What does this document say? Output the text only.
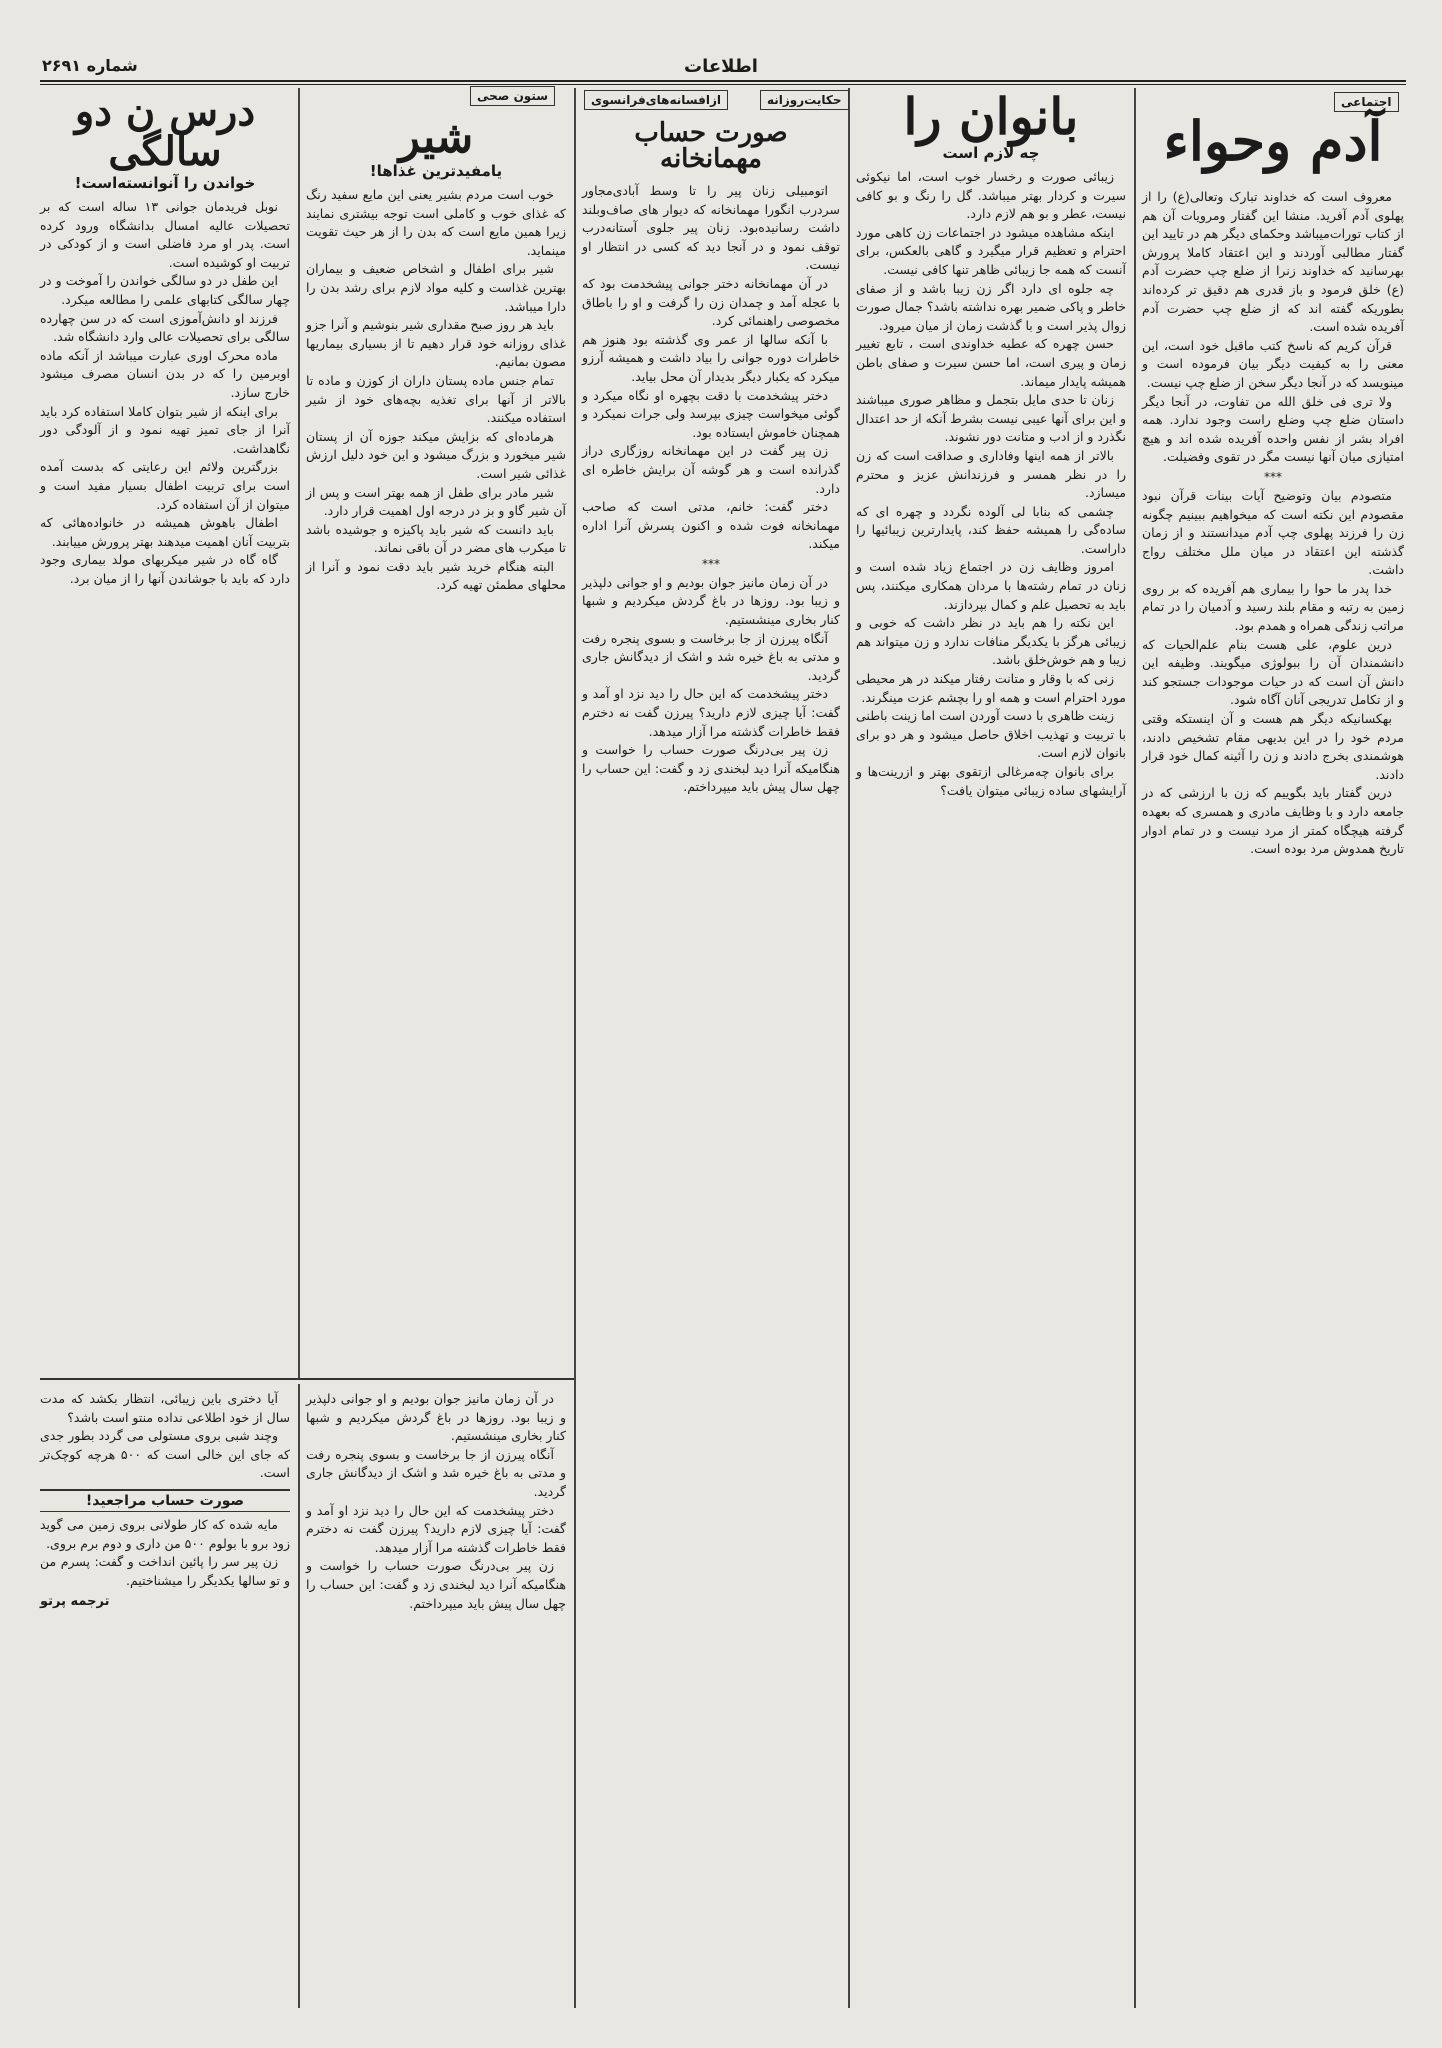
شماره ۲۶۹۱	اطلاعات
اجتماعی
آدم وحواء

معروف است که خداوند تبارک وتعالی(ع) را از پهلوی آدم آفرید. منشا این گفتار ومرویات آن هم از کتاب تورات‌میباشد وحکمای دیگر هم در تایید این گفتار مطالبی آوردند و این اعتقاد کاملا پرورش بهرسانید که خداوند زنرا از ضلع چپ حضرت آدم (ع) خلق فرمود و باز قدری هم دقیق تر کرده‌اند بطوریکه گفته اند که از ضلع چپ حضرت آدم آفریده شده است.

قرآن کریم که ناسخ کتب ماقبل خود است، این معنی را به کیفیت دیگر بیان فرموده است و مینویسد که در آنجا دیگر سخن از ضلع چپ نیست.

ولا تری فی خلق الله من تفاوت، در آنجا دیگر داستان ضلع چپ وضلع راست وجود ندارد. همه افراد بشر از نفس واحده آفریده شده اند و هیچ امتیازی میان آنها نیست مگر در تقوی وفضیلت.

***

متصودم بیان وتوضیح آیات بینات قرآن نبود مقصودم این نکته است که میخواهیم ببینیم چگونه زن را فرزند پهلوی چپ آدم میدانستند و از زمان گذشته این اعتقاد در میان ملل مختلف رواج داشت.

خدا پدر ما حوا را بیماری هم آفریده که بر روی زمین به رتبه و مقام بلند رسید و آدمیان را در تمام مراتب زندگی همراه و همدم بود.

درین علوم، علی هست بنام علم‌الحیات که دانشمندان آن را ببولوژی میگویند. وظیفه این دانش آن است که در حیات موجودات جستجو کند و از تکامل تدریجی آنان آگاه شود.

بهکسانیکه دیگر هم هست و آن اینستکه وقتی مردم خود را در این بدیهی مقام تشخیص دادند، هوشمندی بخرج دادند و زن را آئینه کمال خود قرار دادند.

درین گفتار باید بگوییم که زن با ارزشی که در جامعه دارد و با وظایف مادری و همسری که بعهده گرفته هیچگاه کمتر از مرد نیست و در تمام ادوار تاریخ همدوش مرد بوده است.

بانوان را
چه لازم است

زیبائی صورت و رخسار خوب است، اما نیکوئی سیرت و کردار بهتر میباشد. گل را رنگ و بو کافی نیست، عطر و بو هم لازم دارد.

اینکه مشاهده میشود در اجتماعات زن کاهی مورد احترام و تعظیم قرار میگیرد و گاهی بالعکس، برای آنست که همه جا زیبائی ظاهر تنها کافی نیست.

چه جلوه ای دارد اگر زن زیبا باشد و از صفای خاطر و پاکی ضمیر بهره نداشته باشد؟ جمال صورت زوال پذیر است و با گذشت زمان از میان میرود.

حسن چهره که عطیه خداوندی است ، تابع تغییر زمان و پیری است، اما حسن سیرت و صفای باطن همیشه پایدار میماند.

زنان تا حدی مایل بتجمل و مظاهر صوری میباشند و این برای آنها عیبی نیست بشرط آنکه از حد اعتدال نگذرد و از ادب و متانت دور نشوند.

بالاتر از همه اینها وفاداری و صداقت است که زن را در نظر همسر و فرزندانش عزیز و محترم میسازد.

چشمی که بنابا لی آلوده نگردد و چهره ای که ساده‌گی را همیشه حفظ کند، پایدارترین زیبائیها را داراست.

امروز وظایف زن در اجتماع زیاد شده است و زنان در تمام رشته‌ها با مردان همکاری میکنند، پس باید به تحصیل علم و کمال بپردازند.

این نکته را هم باید در نظر داشت که خوبی و زیبائی هرگز با یکدیگر منافات ندارد و زن میتواند هم زیبا و هم خوش‌خلق باشد.

زنی که با وقار و متانت رفتار میکند در هر محیطی مورد احترام است و همه او را بچشم عزت مینگرند.

زینت ظاهری با دست آوردن است اما زینت باطنی با تربیت و تهذیب اخلاق حاصل میشود و هر دو برای بانوان لازم است.

برای بانوان چه‌مرغالی ازتقوی بهتر و ازرینت‌ها و آرایشهای ساده زیبائی میتوان یافت؟

حکایت‌روزانه
ازافسانه‌های‌فرانسوی
صورت حساب مهمانخانه

اتومبیلی زنان پیر را تا وسط آبادی‌مجاور سردرب انگورا مهمانخانه که دیوار های صاف‌وبلند داشت رسانیده‌بود. زنان پیر جلوی آستانه‌درب توقف نمود و در آنجا دید که کسی در انتظار او نیست.

در آن مهمانخانه دختر جوانی پیشخدمت بود که با عجله آمد و چمدان زن را گرفت و او را باطاق مخصوصی راهنمائی کرد.

با آنکه سالها از عمر وی گذشته بود هنوز هم خاطرات دوره جوانی را بیاد داشت و همیشه آرزو میکرد که یکبار دیگر بدیدار آن محل بیاید.

دختر پیشخدمت با دقت بچهره او نگاه میکرد و گوئی میخواست چیزی بپرسد ولی جرات نمیکرد و همچنان خاموش ایستاده بود.

زن پیر گفت در این مهمانخانه روزگاری دراز گذرانده است و هر گوشه آن برایش خاطره ای دارد.

دختر گفت: خانم، مدتی است که صاحب مهمانخانه فوت شده و اکنون پسرش آنرا اداره میکند.

***

در آن زمان مانیز جوان بودیم و او جوانی دلپذیر و زیبا بود. روزها در باغ گردش میکردیم و شبها کنار بخاری مینشستیم.

آنگاه پیرزن از جا برخاست و بسوی پنجره رفت و مدتی به باغ خیره شد و اشک از دیدگانش جاری گردید.

دختر پیشخدمت که این حال را دید نزد او آمد و گفت: آیا چیزی لازم دارید؟ پیرزن گفت نه دخترم فقط خاطرات گذشته مرا آزار میدهد.

زن پیر بی‌درنگ صورت حساب را خواست و هنگامیکه آنرا دید لبخندی زد و گفت: این حساب را چهل سال پیش باید میپرداختم.

ستون صحی
شیر
یامفیدترین غذاها!

خوب است مردم بشیر یعنی این مایع سفید رنگ که غذای خوب و کاملی است توجه بیشتری نمایند زیرا همین مایع است که بدن را از هر حیث تقویت مینماید.

شیر برای اطفال و اشخاص ضعیف و بیماران بهترین غذاست و کلیه مواد لازم برای رشد بدن را دارا میباشد.

باید هر روز صبح مقداری شیر بنوشیم و آنرا جزو غذای روزانه خود قرار دهیم تا از بسیاری بیماریها مصون بمانیم.

تمام جنس ماده پستان داران از کوزن و ماده تا بالاتر از آنها برای تغذیه بچه‌های خود از شیر استفاده میکنند.

هرماده‌ای که بزایش میکند جوزه آن از پستان شیر میخورد و بزرگ میشود و این خود دلیل ارزش غذائی شیر است.

شیر مادر برای طفل از همه بهتر است و پس از آن شیر گاو و بز در درجه اول اهمیت قرار دارد.

باید دانست که شیر باید پاکیزه و جوشیده باشد تا میکرب های مضر در آن باقی نماند.

البته هنگام خرید شیر باید دقت نمود و آنرا از محلهای مطمئن تهیه کرد.

درس ن دو سالگی
خواندن را آنوانسته‌است!

نوبل فریدمان جوانی ۱۳ ساله است که بر تحصیلات عالیه امسال بدانشگاه ورود کرده است. پدر او مرد فاضلی است و از کودکی در تربیت او کوشیده است.

این طفل در دو سالگی خواندن را آموخت و در چهار سالگی کتابهای علمی را مطالعه میکرد.

فرزند او دانش‌آموزی است که در سن چهارده سالگی برای تحصیلات عالی وارد دانشگاه شد.

ماده محرک اوری عبارت میباشد از آنکه ماده اوبرمین را که در بدن انسان مصرف میشود خارج سازد.

برای اینکه از شیر بتوان کاملا استفاده کرد باید آنرا از جای تمیز تهیه نمود و از آلودگی دور نگاهداشت.

بزرگترین ولائم این رعایتی که بدست آمده است برای تربیت اطفال بسیار مفید است و میتوان از آن استفاده کرد.

اطفال باهوش همیشه در خانواده‌هائی که بتربیت آنان اهمیت میدهند بهتر پرورش مییابند.

گاه گاه در شیر میکربهای مولد بیماری وجود دارد که باید با جوشاندن آنها را از میان برد.

آیا دختری باین زیبائی، انتظار بکشد که مدت سال از خود اطلاعی نداده منتو است باشد؟

وچند شبی بروی مستولی می گردد بطور جدی که جای این خالی است که ۵۰۰ هرچه کوچک‌تر است.

صورت حساب مراجعید!

مایه شده که کار طولانی بروی زمین می گوید زود برو با بولوم ۵۰۰ من داری و دوم برم بروی.

زن پیر سر را پائین انداخت و گفت: پسرم من و تو سالها یکدیگر را میشناختیم.

ترجمه پرتو

در آن زمان مانیز جوان بودیم و او جوانی دلپذیر و زیبا بود. روزها در باغ گردش میکردیم و شبها کنار بخاری مینشستیم.

آنگاه پیرزن از جا برخاست و بسوی پنجره رفت و مدتی به باغ خیره شد و اشک از دیدگانش جاری گردید.

دختر پیشخدمت که این حال را دید نزد او آمد و گفت: آیا چیزی لازم دارید؟ پیرزن گفت نه دخترم فقط خاطرات گذشته مرا آزار میدهد.

زن پیر بی‌درنگ صورت حساب را خواست و هنگامیکه آنرا دید لبخندی زد و گفت: این حساب را چهل سال پیش باید میپرداختم.
